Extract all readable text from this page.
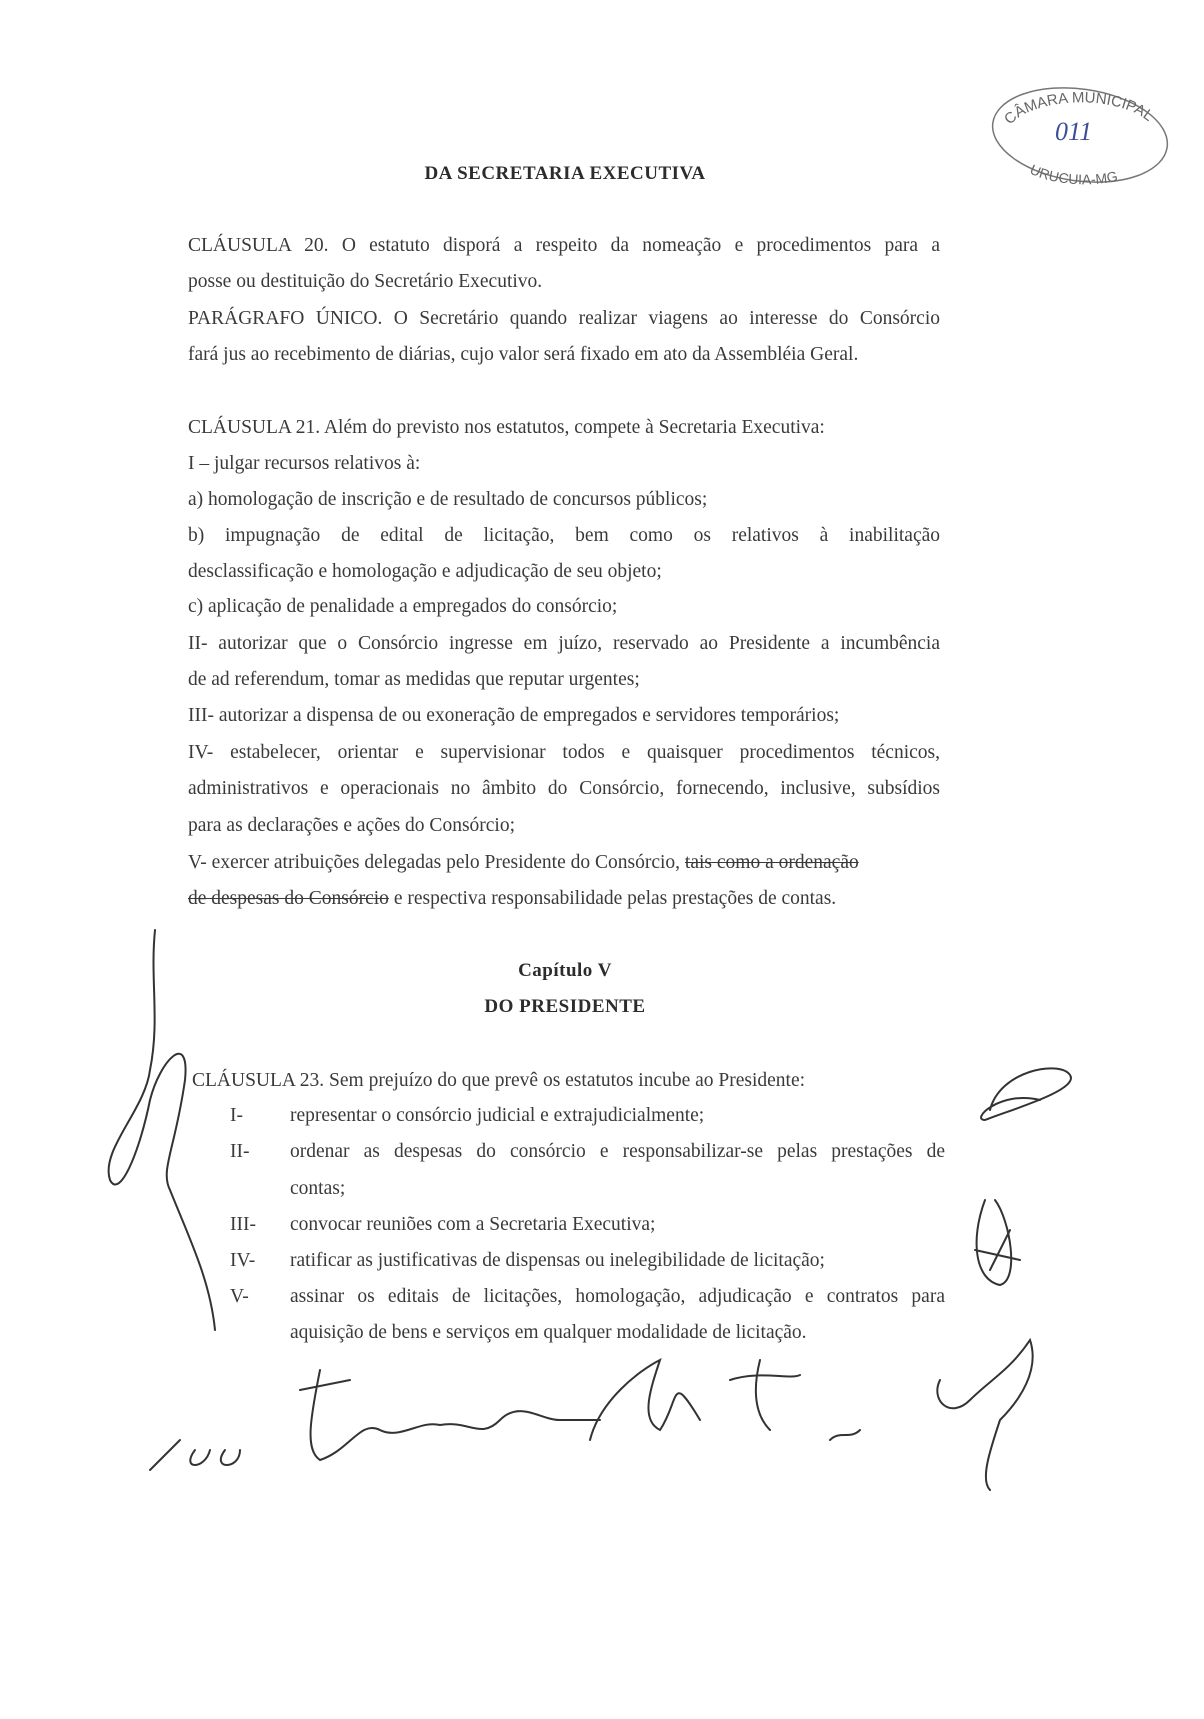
CÂMARA MUNICIPAL
URUCUIA-MG
011
DA SECRETARIA EXECUTIVA
CLÁUSULA 20. O estatuto disporá a respeito da nomeação e procedimentos para a
posse ou destituição do Secretário Executivo.
PARÁGRAFO ÚNICO. O Secretário quando realizar viagens ao interesse do Consórcio
fará jus ao recebimento de diárias, cujo valor será fixado em ato da Assembléia Geral.
CLÁUSULA 21. Além do previsto nos estatutos, compete à Secretaria Executiva:
I – julgar recursos relativos à:
a) homologação de inscrição e de resultado de concursos públicos;
b) impugnação de edital de licitação, bem como os relativos à inabilitação
desclassificação e homologação e adjudicação de seu objeto;
c) aplicação de penalidade a empregados do consórcio;
II- autorizar que o Consórcio ingresse em juízo, reservado ao Presidente a incumbência
de ad referendum, tomar as medidas que reputar urgentes;
III- autorizar a dispensa de ou exoneração de empregados e servidores temporários;
IV- estabelecer, orientar e supervisionar todos e quaisquer procedimentos técnicos,
administrativos e operacionais no âmbito do Consórcio, fornecendo, inclusive, subsídios
para as declarações e ações do Consórcio;
V- exercer atribuições delegadas pelo Presidente do Consórcio, tais como a ordenação
de despesas do Consórcio e respectiva responsabilidade pelas prestações de contas.
Capítulo V
DO PRESIDENTE
CLÁUSULA 23. Sem prejuízo do que prevê os estatutos incube ao Presidente:
I- representar o consórcio judicial e extrajudicialmente;
II- ordenar as despesas do consórcio e responsabilizar-se pelas prestações de
contas;
III- convocar reuniões com a Secretaria Executiva;
IV- ratificar as justificativas de dispensas ou inelegibilidade de licitação;
V- assinar os editais de licitações, homologação, adjudicação e contratos para
aquisição de bens e serviços em qualquer modalidade de licitação.
